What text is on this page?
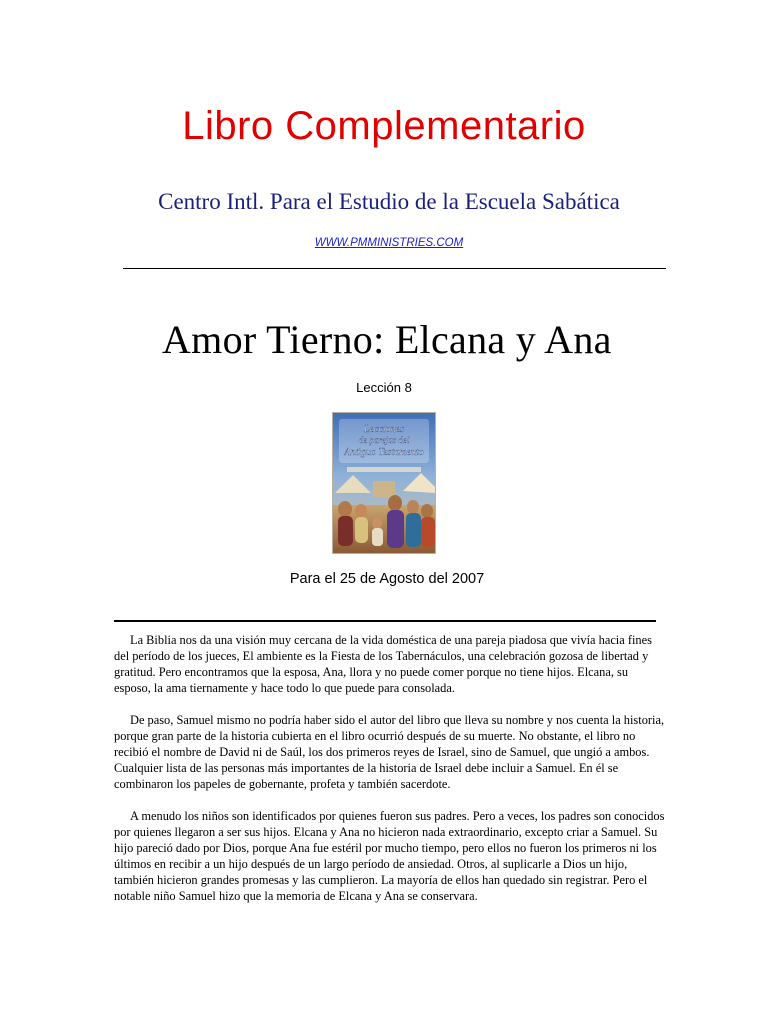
Libro Complementario
Centro Intl. Para el Estudio de la Escuela Sabática
WWW.PMMINISTRIES.COM
Amor Tierno: Elcana y Ana
Lección 8
Lecciones
de parejas del
Antiguo Testamento
Para el 25 de Agosto del 2007

La Biblia nos da una visión muy cercana de la vida doméstica de una pareja piadosa que vivía hacia fines del período de los jueces, El ambiente es la Fiesta de los Tabernáculos, una celebración gozosa de libertad y gratitud. Pero encontramos que la esposa, Ana, llora y no puede comer porque no tiene hijos. Elcana, su esposo, la ama tiernamente y hace todo lo que puede para consolada.

De paso, Samuel mismo no podría haber sido el autor del libro que lleva su nombre y nos cuenta la historia, porque gran parte de la historia cubierta en el libro ocurrió después de su muerte. No obstante, el libro no recibió el nombre de David ni de Saúl, los dos primeros reyes de Israel, sino de Samuel, que ungió a ambos. Cualquier lista de las personas más importantes de la historia de Israel debe incluir a Samuel. En él se combinaron los papeles de gobernante, profeta y también sacerdote.

A menudo los niños son identificados por quienes fueron sus padres. Pero a veces, los padres son conocidos por quienes llegaron a ser sus hijos. Elcana y Ana no hicieron nada extraordinario, excepto criar a Samuel. Su hijo pareció dado por Dios, porque Ana fue estéril por mucho tiempo, pero ellos no fueron los primeros ni los últimos en recibir a un hijo después de un largo período de ansiedad. Otros, al suplicarle a Dios un hijo, también hicieron grandes promesas y las cumplieron. La mayoría de ellos han quedado sin registrar. Pero el notable niño Samuel hizo que la memoria de Elcana y Ana se conservara.
